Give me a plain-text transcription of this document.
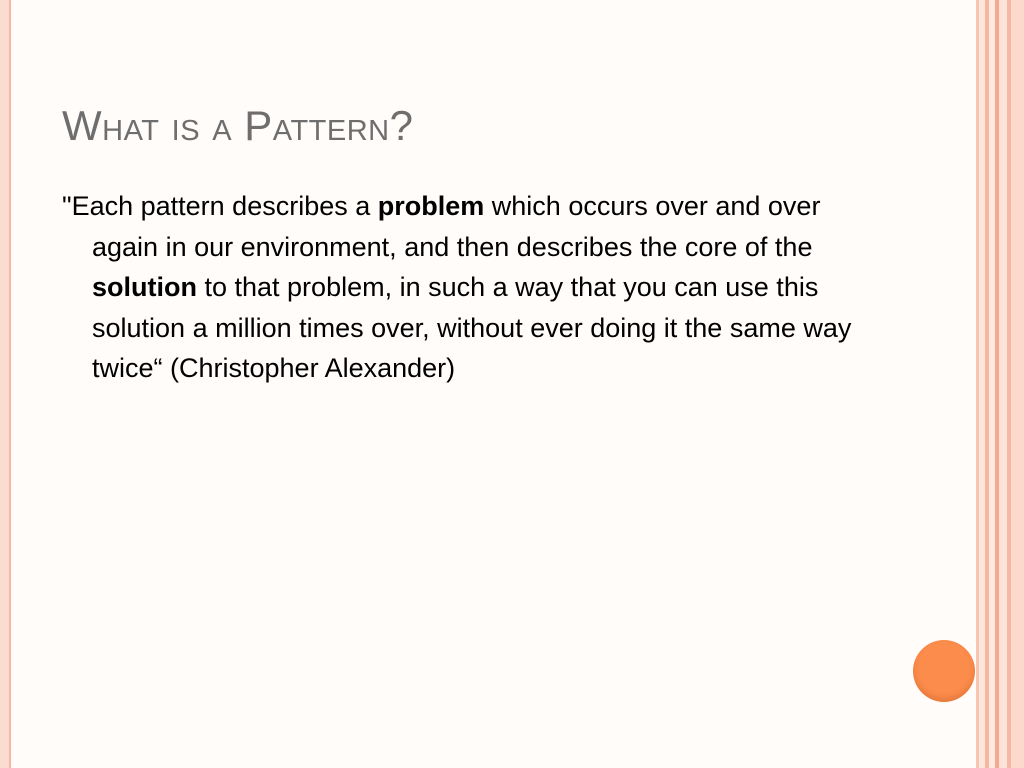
What is a Pattern?

"Each pattern describes a problem which occurs over and over again in our environment, and then describes the core of the solution to that problem, in such a way that you can use this solution a million times over, without ever doing it the same way twice“ (Christopher Alexander)
